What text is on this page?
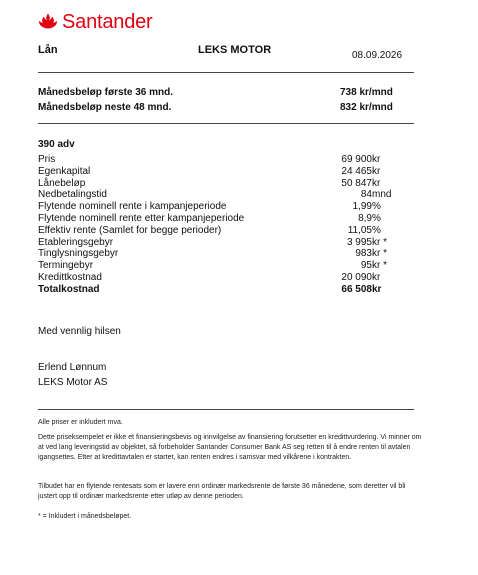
Santander
Lån	LEKS MOTOR	08.09.2026
Månedsbeløp første 36 mnd.	738 kr/mnd
Månedsbeløp neste 48 mnd.	832 kr/mnd
390 adv
Pris	69 900 kr
Egenkapital	24 465 kr
Lånebeløp	50 847 kr
Nedbetalingstid	84 mnd
Flytende nominell rente i kampanjeperiode	1,99 %
Flytende nominell rente etter kampanjeperiode	8,9 %
Effektiv rente (Samlet for begge perioder)	11,05 %
Etableringsgebyr	3 995 kr *
Tinglysningsgebyr	983 kr *
Termingebyr	95 kr *
Kredittkostnad	20 090 kr
Totalkostnad	66 508 kr
Med vennlig hilsen
Erlend Lønnum
LEKS Motor AS
Alle priser er inkludert mva.
Dette priseksempelet er ikke et finansieringsbevis og innvilgelse av finansiering forutsetter en kredittvurdering. Vi minner om at ved lang leveringstid av objektet, så forbeholder Santander Consumer Bank AS seg retten til å endre renten til avtalen igangsettes. Etter at kredittavtalen er startet, kan renten endres i samsvar med vilkårene i kontrakten.
Tilbudet har en flytende rentesats som er lavere enn ordinær markedsrente de første 36 månedene, som deretter vil bli justert opp til ordinær markedsrente etter utløp av denne perioden.
* = Inkludert i månedsbeløpet.
